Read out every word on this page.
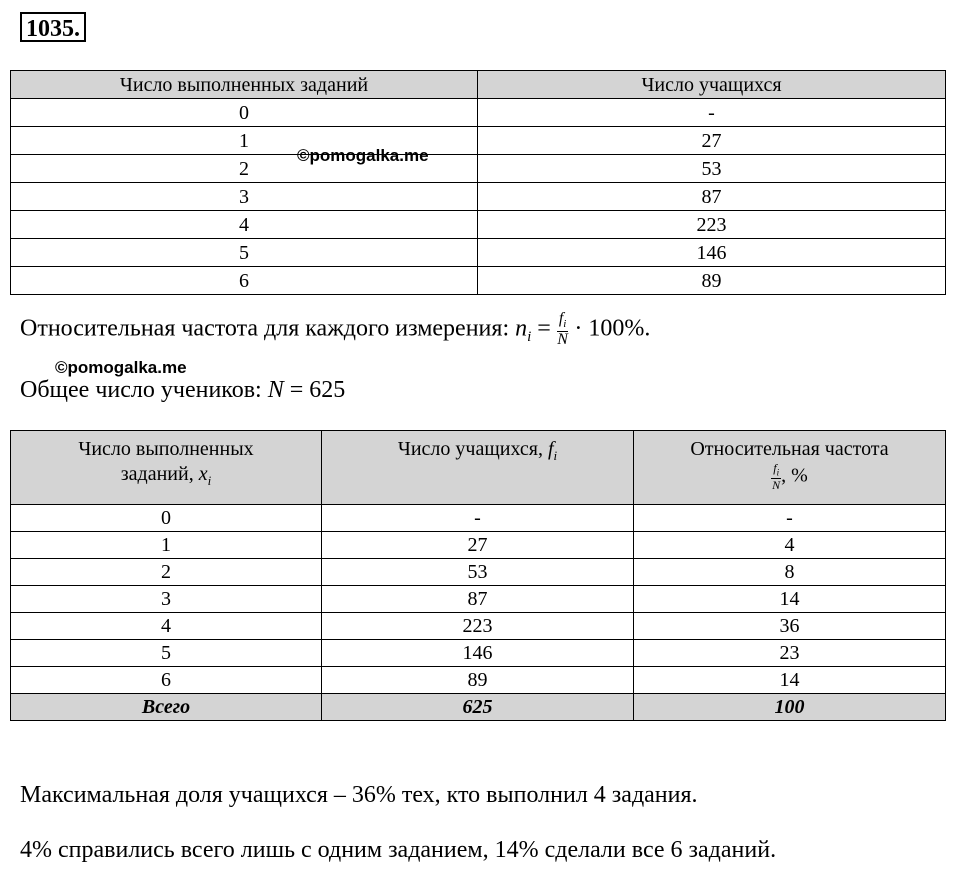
1035.
Число выполненных заданий	Число учащихся
0	-
1	27
2	53
3	87
4	223
5	146
6	89
©pomogalka.me
Относительная частота для каждого измерения: $n_i = \frac{f_i}{N} \cdot 100\%$.
©pomogalka.me
Общее число учеников: N = 625
Число выполненных
заданий, $x_i$	Число учащихся, $f_i$	Относительная частота

$\frac{f_i}{N}$ , %
0	-	-
1	27	4
2	53	8
3	87	14
4	223	36
5	146	23
6	89	14
Всего	625	100
Максимальная доля учащихся – 36% тех, кто выполнил 4 задания.
4% справились всего лишь с одним заданием, 14% сделали все 6 заданий.
